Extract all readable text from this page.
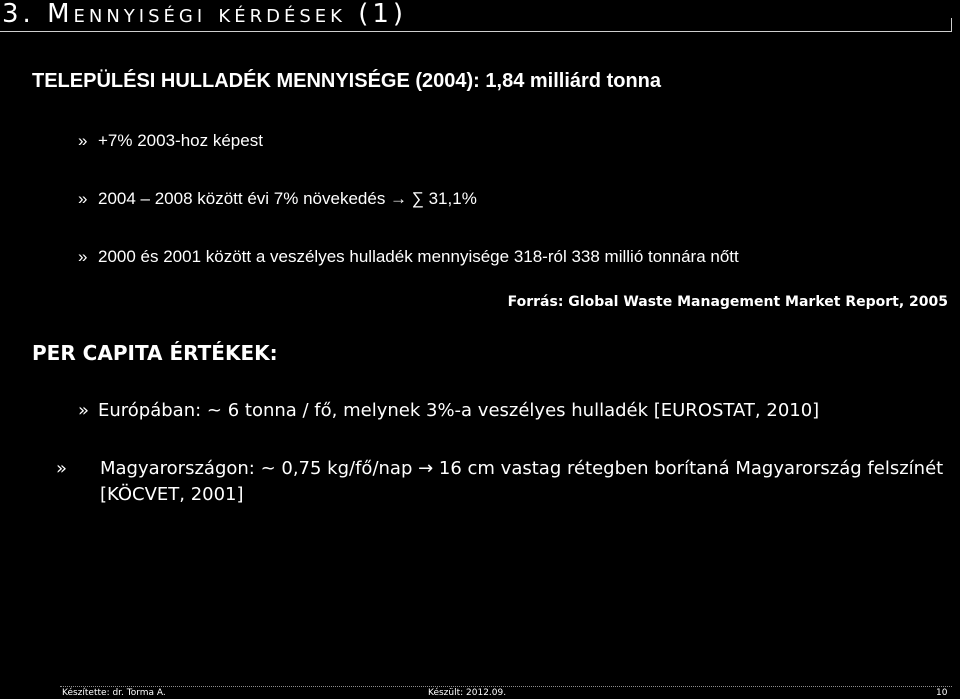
3. Mennyiségi kérdések (1)
TELEPÜLÉSI HULLADÉK MENNYISÉGE (2004): 1,84 milliárd tonna
» +7% 2003-hoz képest
» 2004 – 2008 között évi 7% növekedés → ∑ 31,1%
» 2000 és 2001 között a veszélyes hulladék mennyisége 318-ról 338 millió tonnára nőtt
Forrás: Global Waste Management Market Report, 2005
PER CAPITA ÉRTÉKEK:
» Európában: ~ 6 tonna / fő, melynek 3%-a veszélyes hulladék [EUROSTAT, 2010]
» Magyarországon: ~ 0,75 kg/fő/nap → 16 cm vastag rétegben borítaná Magyarország felszínét [KÖCVET, 2001]
Készítette: dr. Torma A.	Készült: 2012.09.	10
